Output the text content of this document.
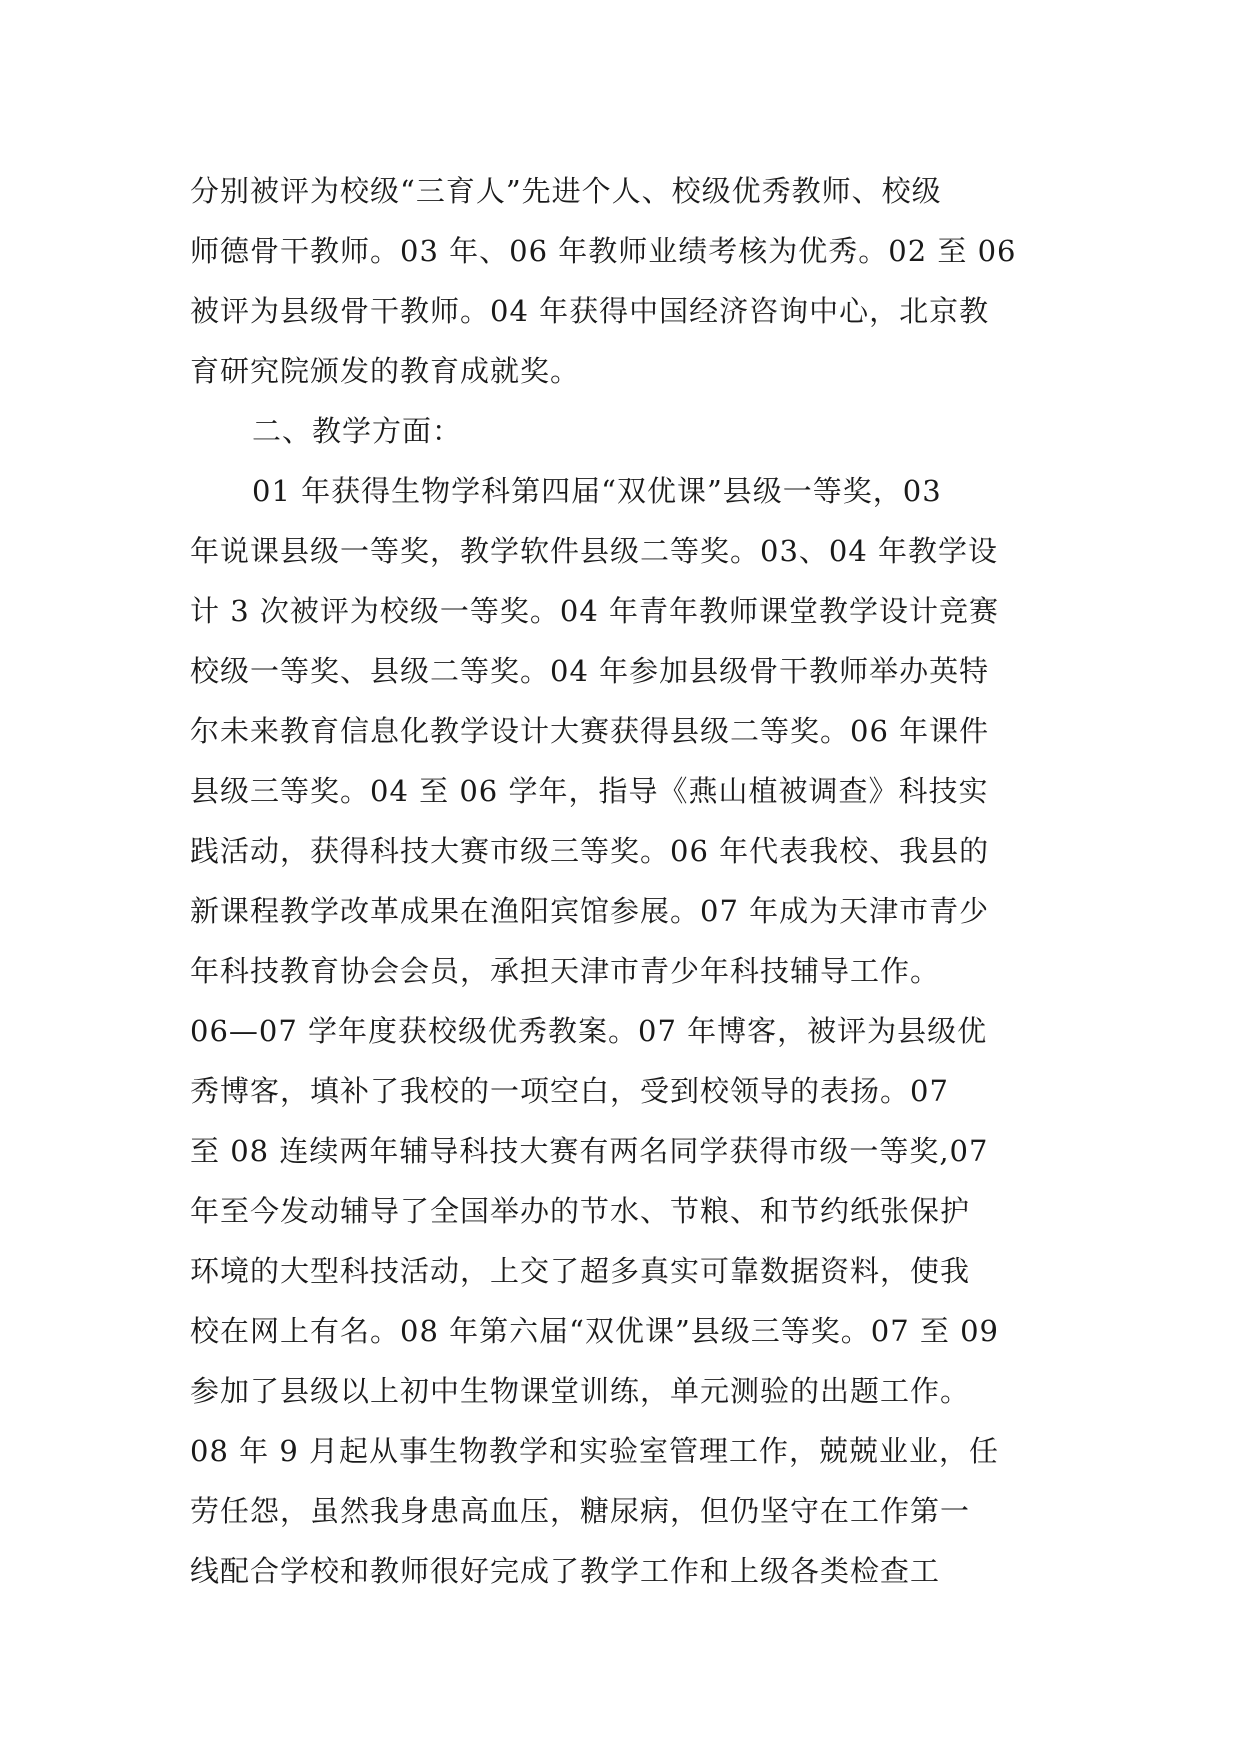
分别被评为校级“三育人”先进个人、校级优秀教师、校级
师德骨干教师。03 年、06 年教师业绩考核为优秀。02 至 06
被评为县级骨干教师。04 年获得中国经济咨询中心，北京教
育研究院颁发的教育成就奖。
二、教学方面：
01 年获得生物学科第四届“双优课”县级一等奖，03
年说课县级一等奖，教学软件县级二等奖。03、04 年教学设
计 3 次被评为校级一等奖。04 年青年教师课堂教学设计竞赛
校级一等奖、县级二等奖。04 年参加县级骨干教师举办英特
尔未来教育信息化教学设计大赛获得县级二等奖。06 年课件
县级三等奖。04 至 06 学年，指导《燕山植被调查》科技实
践活动，获得科技大赛市级三等奖。06 年代表我校、我县的
新课程教学改革成果在渔阳宾馆参展。07 年成为天津市青少
年科技教育协会会员，承担天津市青少年科技辅导工作。
06—07 学年度获校级优秀教案。07 年博客，被评为县级优
秀博客，填补了我校的一项空白，受到校领导的表扬。07
至 08 连续两年辅导科技大赛有两名同学获得市级一等奖,07
年至今发动辅导了全国举办的节水、节粮、和节约纸张保护
环境的大型科技活动，上交了超多真实可靠数据资料，使我
校在网上有名。08 年第六届“双优课”县级三等奖。07 至 09
参加了县级以上初中生物课堂训练，单元测验的出题工作。
08 年 9 月起从事生物教学和实验室管理工作，兢兢业业，任
劳任怨，虽然我身患高血压，糖尿病，但仍坚守在工作第一
线配合学校和教师很好完成了教学工作和上级各类检查工
